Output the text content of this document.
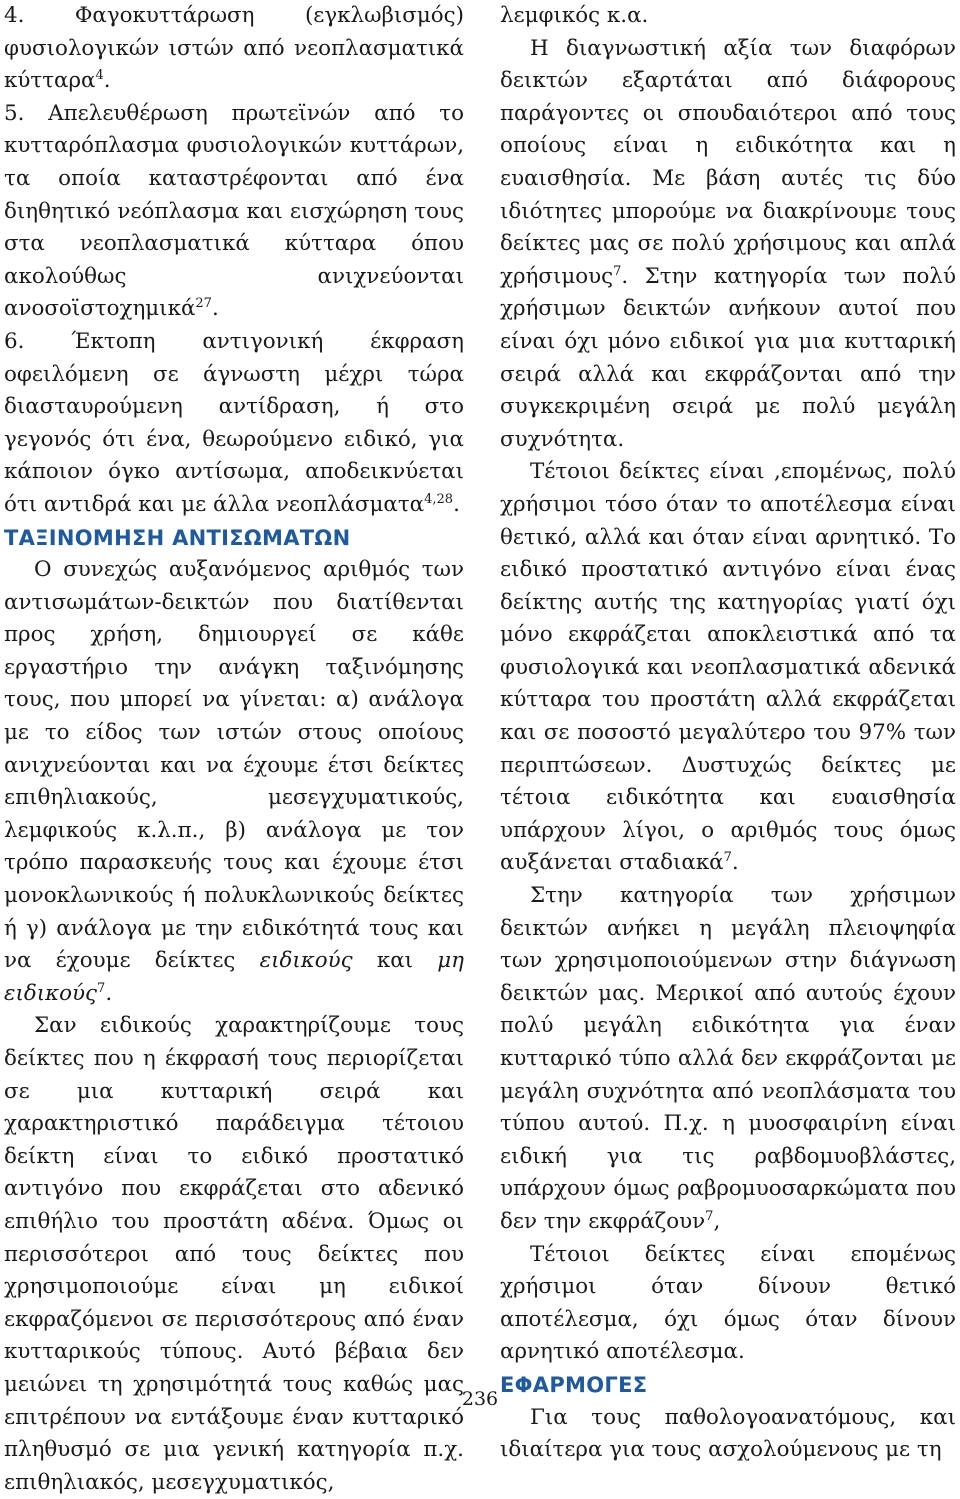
4. Φαγοκυττάρωση (εγκλωβισμός) φυσιολογικών ιστών από νεοπλασματικά κύτταρα$^4$.

5. Απελευθέρωση πρωτεϊνών από το κυτταρόπλασμα φυσιολογικών κυττάρων, τα οποία καταστρέφονται από ένα διηθητικό νεόπλασμα και εισχώρηση τους στα νεοπλασματικά κύτταρα όπου ακολούθως ανιχνεύονται ανοσοϊστοχημικά$^{27}$.

6. Έκτοπη αντιγονική έκφραση οφειλόμενη σε άγνωστη μέχρι τώρα διασταυρούμενη αντίδραση, ή στο γεγονός ότι ένα, θεωρούμενο ειδικό, για κάποιον όγκο αντίσωμα, αποδεικνύεται ότι αντιδρά και με άλλα νεοπλάσματα$^{4,28}$.

ΤΑΞΙΝΟΜΗΣΗ ΑΝΤΙΣΩΜΑΤΩΝ

Ο συνεχώς αυξανόμενος αριθμός των αντισωμάτων-δεικτών που διατίθενται προς χρήση, δημιουργεί σε κάθε εργαστήριο την ανάγκη ταξινόμησης τους, που μπορεί να γίνεται: α) ανάλογα με το είδος των ιστών στους οποίους ανιχνεύονται και να έχουμε έτσι δείκτες επιθηλιακούς, μεσεγχυματικούς, λεμφικούς κ.λ.π., β) ανάλογα με τον τρόπο παρασκευής τους και έχουμε έτσι μονοκλωνικούς ή πολυκλωνικούς δείκτες ή γ) ανάλογα με την ειδικότητά τους και να έχουμε δείκτες ειδικούς και μη ειδικούς$^7$.

Σαν ειδικούς χαρακτηρίζουμε τους δείκτες που η έκφρασή τους περιορίζεται σε μια κυτταρική σειρά και χαρακτηριστικό παράδειγμα τέτοιου δείκτη είναι το ειδικό προστατικό αντιγόνο που εκφράζεται στο αδενικό επιθήλιο του προστάτη αδένα. Όμως οι περισσότεροι από τους δείκτες που χρησιμοποιούμε είναι μη ειδικοί εκφραζόμενοι σε περισσότερους από έναν κυτταρικούς τύπους. Αυτό βέβαια δεν μειώνει τη χρησιμότητά τους καθώς μας επιτρέπουν να εντάξουμε έναν κυτταρικό πληθυσμό σε μια γενική κατηγορία π.χ. επιθηλιακός, μεσεγχυματικός,

λεμφικός κ.α.

Η διαγνωστική αξία των διαφόρων δεικτών εξαρτάται από διάφορους παράγοντες οι σπουδαιότεροι από τους οποίους είναι η ειδικότητα και η ευαισθησία. Με βάση αυτές τις δύο ιδιότητες μπορούμε να διακρίνουμε τους δείκτες μας σε πολύ χρήσιμους και απλά χρήσιμους$^7$. Στην κατηγορία των πολύ χρήσιμων δεικτών ανήκουν αυτοί που είναι όχι μόνο ειδικοί για μια κυτταρική σειρά αλλά και εκφράζονται από την συγκεκριμένη σειρά με πολύ μεγάλη συχνότητα.

Τέτοιοι δείκτες είναι ,επομένως, πολύ χρήσιμοι τόσο όταν το αποτέλεσμα είναι θετικό, αλλά και όταν είναι αρνητικό. Το ειδικό προστατικό αντιγόνο είναι ένας δείκτης αυτής της κατηγορίας γιατί όχι μόνο εκφράζεται αποκλειστικά από τα φυσιολογικά και νεοπλασματικά αδενικά κύτταρα του προστάτη αλλά εκφράζεται και σε ποσοστό μεγαλύτερο του 97% των περιπτώσεων. Δυστυχώς δείκτες με τέτοια ειδικότητα και ευαισθησία υπάρχουν λίγοι, ο αριθμός τους όμως αυξάνεται σταδιακά$^7$.

Στην κατηγορία των χρήσιμων δεικτών ανήκει η μεγάλη πλειοψηφία των χρησιμοποιούμενων στην διάγνωση δεικτών μας. Μερικοί από αυτούς έχουν πολύ μεγάλη ειδικότητα για έναν κυτταρικό τύπο αλλά δεν εκφράζονται με μεγάλη συχνότητα από νεοπλάσματα του τύπου αυτού. Π.χ. η μυοσφαιρίνη είναι ειδική για τις ραβδομυοβλάστες, υπάρχουν όμως ραβρομυοσαρκώματα που δεν την εκφράζουν$^7$,

Τέτοιοι δείκτες είναι επομένως χρήσιμοι όταν δίνουν θετικό αποτέλεσμα, όχι όμως όταν δίνουν αρνητικό αποτέλεσμα.

ΕΦΑΡΜΟΓΕΣ

Για τους παθολογοανατόμους, και ιδιαίτερα για τους ασχολούμενους με τη

236
